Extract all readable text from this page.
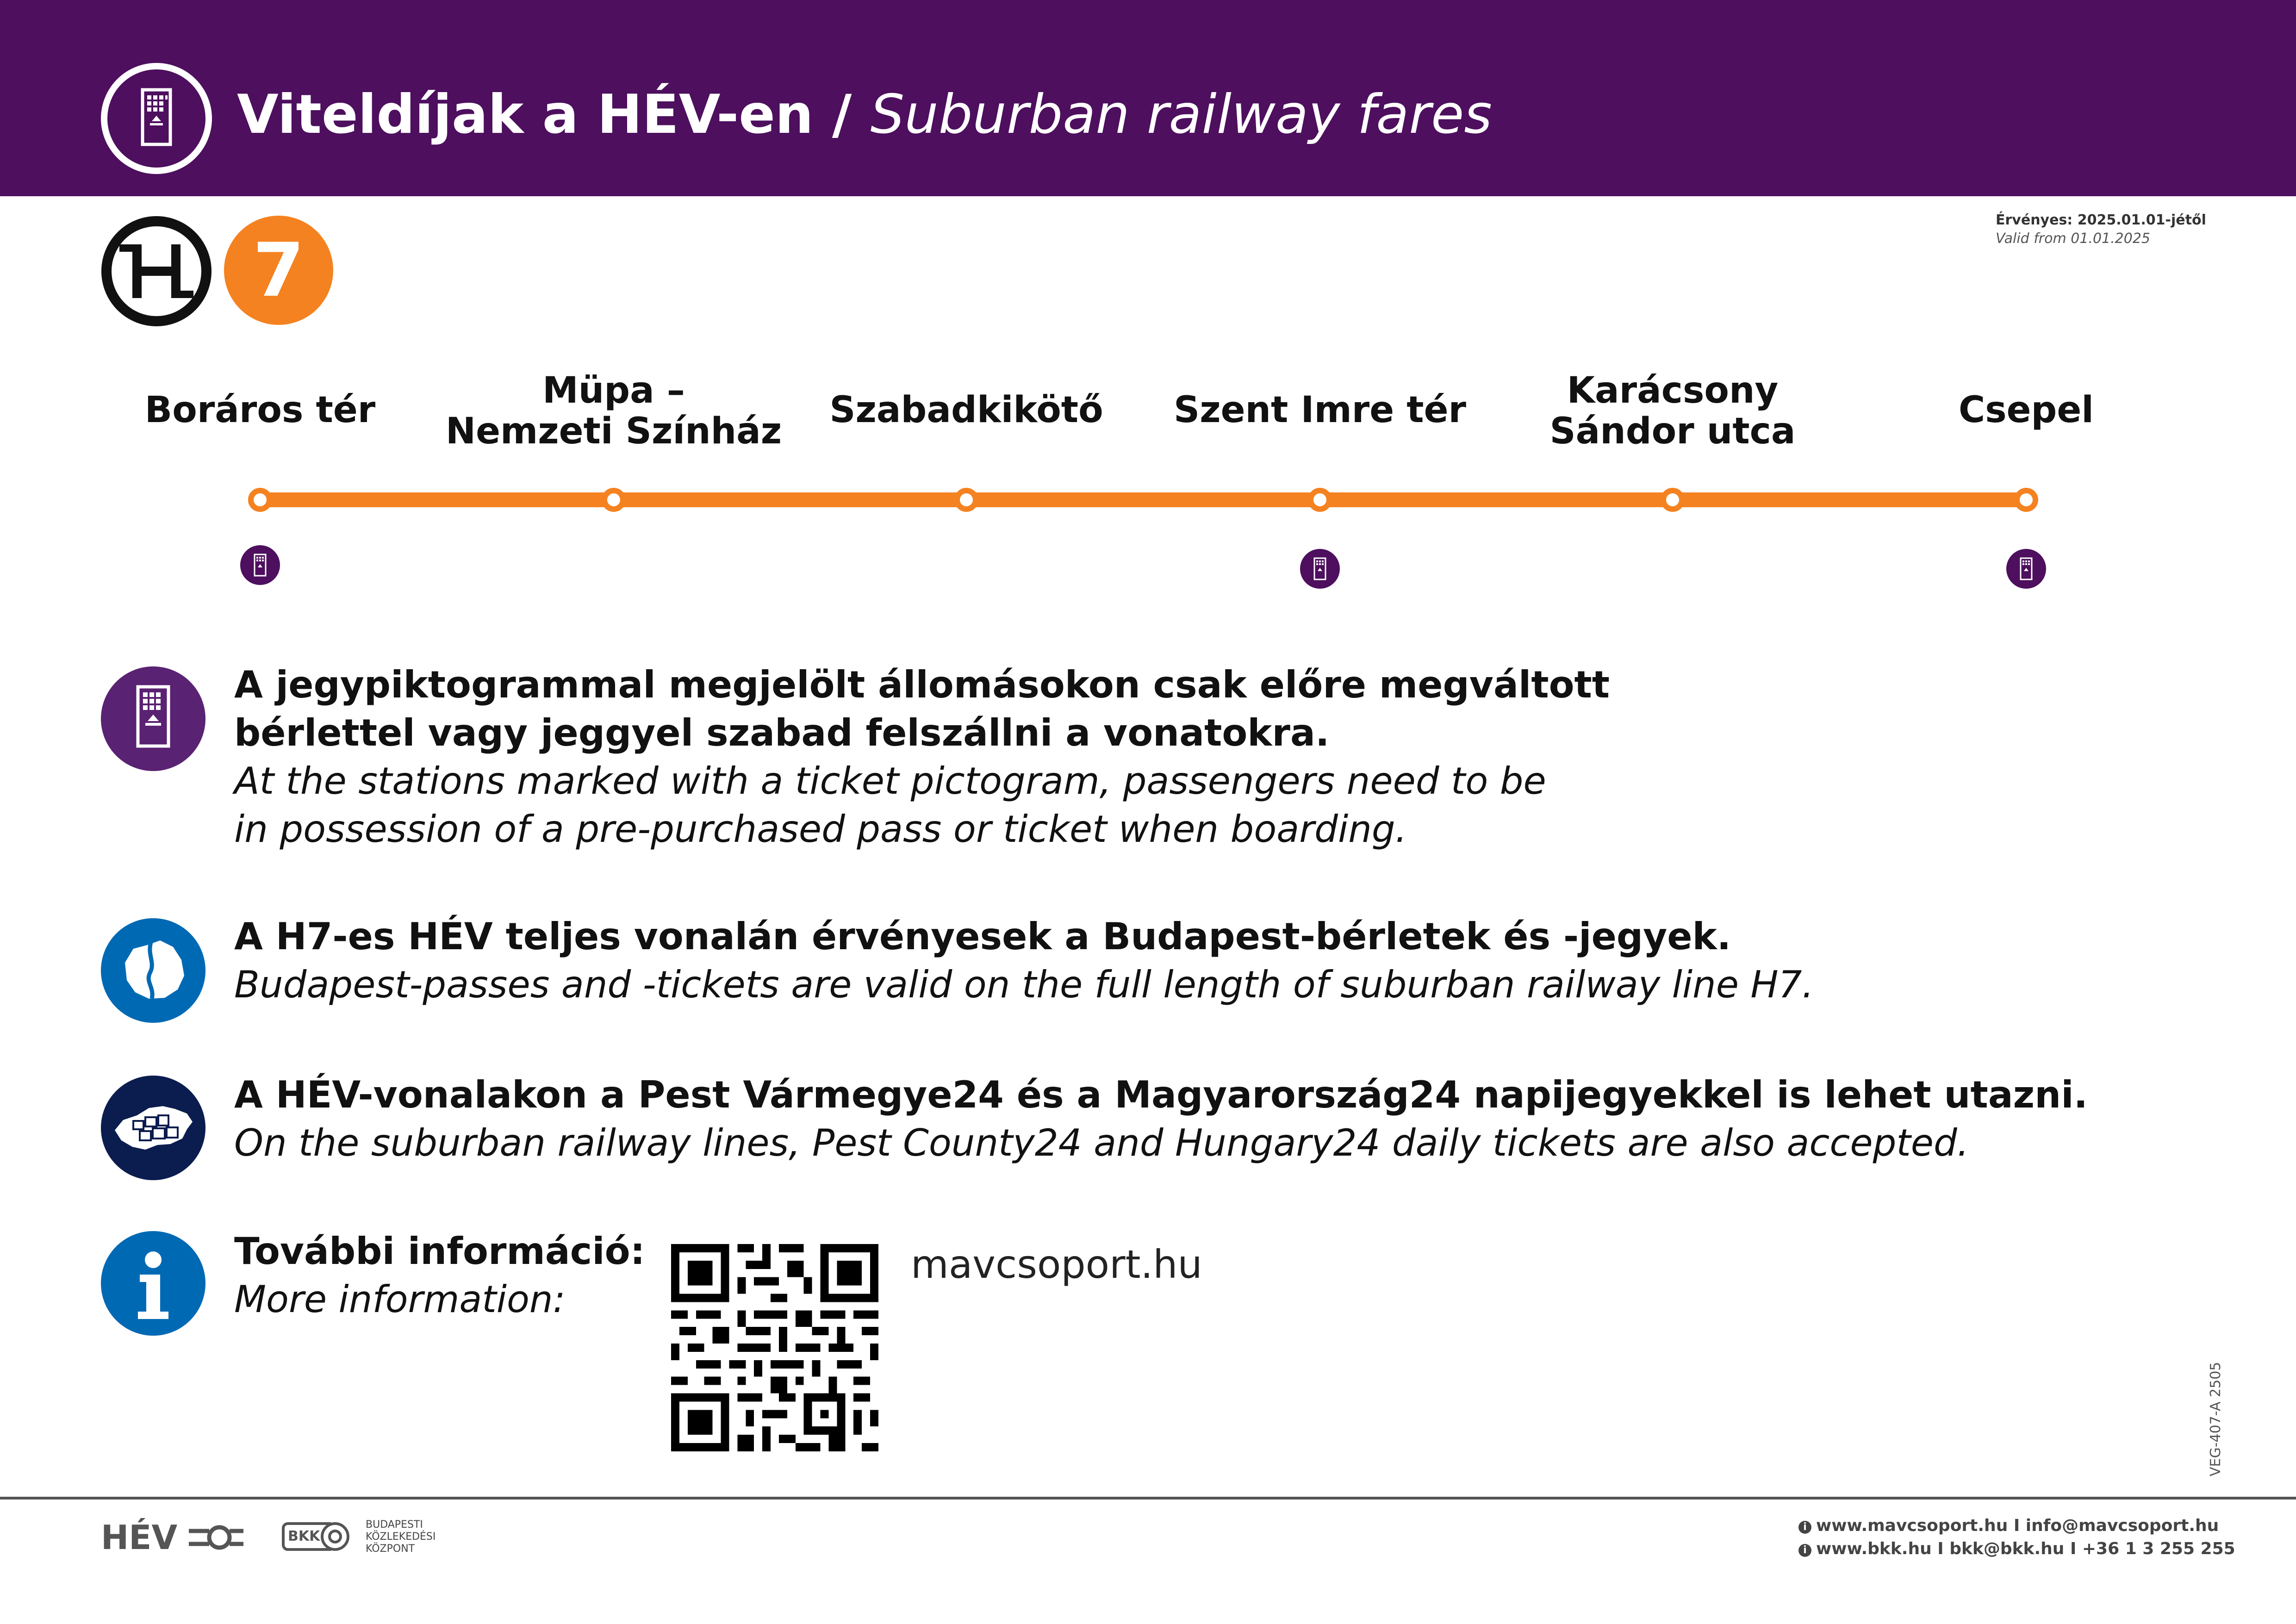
Viteldíjak a HÉV-en / Suburban railway fares
7
Érvényes: 2025.01.01-jétől
Valid from 01.01.2025
Boráros tér	Müpa –
Nemzeti Színház
Szabadkikötő	Szent Imre tér	Karácsony
Sándor utca
Csepel
A jegypiktogrammal megjelölt állomásokon csak előre megváltott
bérlettel vagy jeggyel szabad felszállni a vonatokra.
At the stations marked with a ticket pictogram, passengers need to be
in possession of a pre-purchased pass or ticket when boarding.
A H7-es HÉV teljes vonalán érvényesek a Budapest-bérletek és -jegyek.
Budapest-passes and -tickets are valid on the full length of suburban railway line H7.
A HÉV-vonalakon a Pest Vármegye24 és a Magyarország24 napijegyekkel is lehet utazni.
On the suburban railway lines, Pest County24 and Hungary24 daily tickets are also accepted.
További információ:
More information:
mavcsoport.hu
VEG-407-A 2505
HÉV	BKK
BUDAPESTI
KÖZLEKEDÉSI
KÖZPONT
i www.mavcsoport.hu I info@mavcsoport.hu
i www.bkk.hu I bkk@bkk.hu I +36 1 3 255 255
